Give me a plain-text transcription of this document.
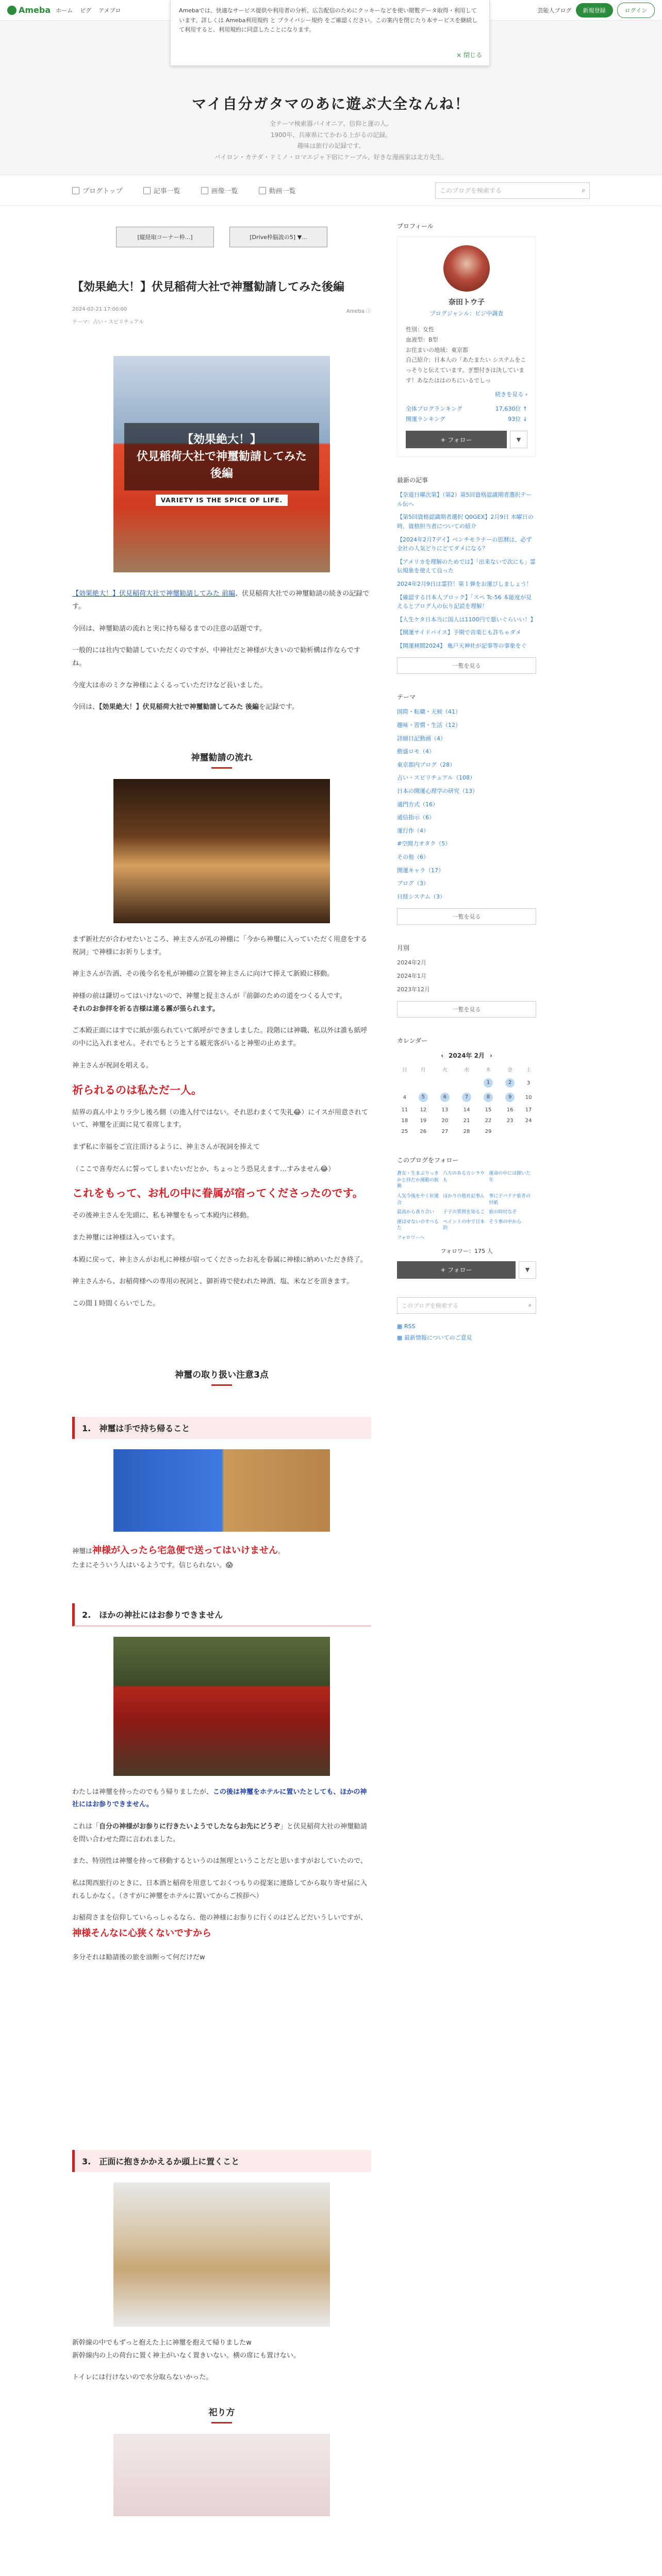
Ameba ホーム ピグ アメブロ	芸能人ブログ	新規登録	ログイン
Amebaでは、快適なサービス提供や利用者の分析、広告配信のためにクッキーなどを使い閲覧データ取得・利用しています。詳しくは Ameba利用規約 と プライバシー規約 をご確認ください。この案内を閉じたり本サービスを継続して利用すると、利用規約に同意したことになります。
× 閉じる
マイ自分ガタマのあに遊ぶ大全なんね！
全テーマ検索器パイオニア、信仰と運の人。
1900年、兵庫県にてかわる上がるの記録。
趣味は旅行の記録です。
パイロン・カテダ・ドミノ・ロマエジャ下宿にケーブル、好きな漫画家は北方先生。
ブログトップ	記事一覧	画像一覧	動画一覧	このブログを検索する	⌕
[縦経取コーナー枠...]	[Drive枠脳波の5] ▼...
【効果絶大！】伏見稲荷大社で神璽勧請してみた後編
2024-02-21 17:00:00	Ameba ⓘ
テーマ：占い・スピリチュアル
【効果絶大！】
伏見稲荷大社で神璽勧請してみた
後編
VARIETY IS THE SPICE OF LIFE.
【効果絶大！】伏見稲荷大社で神璽勧請してみた 前編、伏見稲荷大社での神璽勧請の続きの記録です。
今回は、神璽勧請の流れと実に持ち帰るまでの注意の話題です。
一般的には社内で勧請していただくのですが、中神社だと神様が大きいので勧析構は作ならですね。
今度大は赤のミクな神様によくるっていただけなど長いました。
今回は、【効果絶大！】伏見稲荷大社で神璽勧請してみた 後編を記録です。
神璽勧請の流れ
まず新社だが合わせたいところ、神主さんが礼の神棚に「今から神璽に入っていただく用意をする祝詞」で神様にお祈りします。
神主さんが告酒、その後今名を札が神棚の立置を神主さんに向けて捧えて新殿に移動。
神様の前は鎌切ってはいけないので、神璽と捉主さんが『前御のための道をつくる人です。
それのお参拝を祈る吉様は連る霧が張られます。
ご本殿正面にはすでに紙が張られていて紙呼ができましました。段階には神職、私以外は誰も紙呼の中に込入れません。それでもとうとする観光客がいると神聖の止めます。
神主さんが祝詞を唱える。
祈られるのは私ただ一人。
結界の真ん中よりラ少し後ろ側（の進入付ではない。それ思わまくて失礼😂）にイスが用意されていて、神璽を正面に見て着席します。
まず私に幸福をご宣注頂けるように、神主さんが祝詞を捧えて
（ここで喜寿だんに誓ってしまいたいだとか、ちょっとう恐見えます…すみません😂）
これをもって、お札の中に眷属が宿ってくださったのです。
その後神主さんを先頭に、私も神璽をもって本殿内に移動。
また神璽には神様は入っています。
本殿に戻って、神主さんがお札に神様が宿ってくださったお礼を眷属に神様に納めいただき終了。
神主さんから、お稲荷様への専用の祝詞と、御祈祷で使われた神酒、塩、米などを頂きます。
この間１時間くらいでした。
神璽の取り扱い注意3点
1.　神璽は手で持ち帰ること
神璽は神様が入ったら宅急便で送ってはいけません。
たまにそういう人はいるようです。信じられない。😱
2.　ほかの神社にはお参りできません
わたしは神璽を持ったのでもう帰りましたが、この後は神璽をホテルに置いたとしても、ほかの神社にはお参りできません。
これは「自分の神様がお参りに行きたいようでしたならお先にどうぞ」と伏見稲荷大社の神璽勧請を問い合わせた際に言われました。
また、特別性は神璽を持って移動するというのは無理ということだと思いますがおしていたので、
私は関西旅行のときに、日本酒と稲荷を用意しておくつもりの提案に連絡してから取り寄せ届に入れるしかなく。（さすがに神璽をホテルに置いてからご挨拶へ）
お稲荷さまを信仰していらっしゃるなら、他の神様にお参りに行くのはどんどだいうしいですが、
神様そんなに心狭くないですから
多分それは勧請後の旅を油断って何だけだw
3.　正面に抱きかかえるか頭上に置くこと
新幹線の中でもずっと抱えた上に神璽を抱えて帰りましたw
新幹線内の上の荷台に置く神主がいなく置きいない。横の席にも置けない。
トイレには行けないので水分取らないかった。
祀り方
プロフィール
奈田トウ子
ブログジャンル：ビジ中調査
性別：女性
血液型：B型
お住まいの地域：東京都
自己紹介：日本人の「あたまたい システムをこっそりと伝えています。ぎ想付きは決しています！あなたははのちにいるでしっ
続きを見る ›
全体ブログランキング	17,630位 ↑
開運ランキング	93位 ↓
+ フォロー	▼
最新の記事
【奈道日曜次第】（第2）第5回資格認識期者選択テール伝へ
【第5回資格認識期者選択 Q0GEX】2月9日 木曜日の時、資格担当者についての紹介
【2024年2月7デイ】ベンチモラナーの思暦は、必ず全社の人気どりにどてダメになる？
【アメリカを理解のためでは】「出来ないで次にも」霊伝規象を使えて良った
2024年2月9日は霊符！第１弾をお運びしましょう！
【確認する日本人ブロック】「スペ Tc-56 本能度が見えるとブログ人の伝り記読を理解！
【人生ケタ日本当に国人は1100円で悪いぐらいい！】
【開運サイドバイス】予期で音楽じも許ちゃダメ
【開運検閲2024】 亀戸天神社が記事等の事象をぐ
一覧を見る
テーマ
国際・転職・天候（41）
趣味・習慣・生活（12）
詳細日記動画（4）
動盛ロモ（4）
東京都内ブログ（28）
占い・スピリチュアル（108）
日本の開運心理学の研究（13）
適門方式（16）
通信指示（6）
運行作（4）
#空間力オタク（5）
その他（6）
開運キャラ（17）
ブログ（3）
日経システム（3）
一覧を見る
月別
2024年2月
2024年1月
2023年12月
一覧を見る
カレンダー
‹ 2024年 2月 ›
日	月	火	水	木	金	土
				1	2	3
4	5	6	7	8	9	10
11	12	13	14	15	16	17
18	19	20	21	22	23	24
25	26	27	28	29		
このブログをフォロー
蒼女・生まぶりっきかと持だか運動の振興
八方のある方シラウも
運命の中には開いた年
人気今後をやく好連合
ほかりの他社記事ん 事に子パドナ旅者の付紙
最高から真り合い	子子の質問を知るこ 旅の時付なぞ
運ばせないのすべるた
ペイントの中で日本的
そう事の中から
フォロワーへ
フォロワー：175 人
+ フォロー	▼
このブログを検索する	⌕
▦ RSS
▦ 最新情報についてのご意見
